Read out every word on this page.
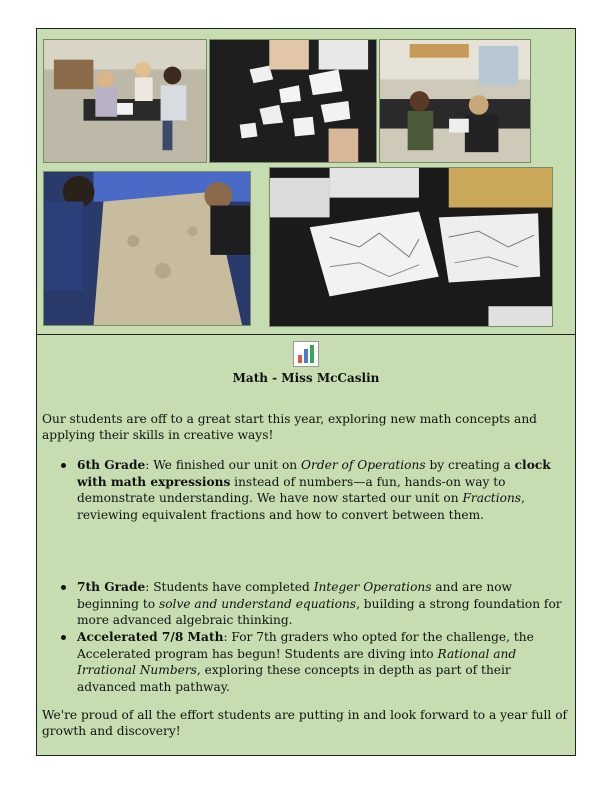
Math - Miss McCaslin
Our students are off to a great start this year, exploring new math concepts and applying their skills in creative ways!
6th Grade: We finished our unit on Order of Operations by creating a clock with math expressions instead of numbers—a fun, hands-on way to demonstrate understanding. We have now started our unit on Fractions, reviewing equivalent fractions and how to convert between them.
7th Grade: Students have completed Integer Operations and are now beginning to solve and understand equations, building a strong foundation for more advanced algebraic thinking.
Accelerated 7/8 Math: For 7th graders who opted for the challenge, the Accelerated program has begun! Students are diving into Rational and Irrational Numbers, exploring these concepts in depth as part of their advanced math pathway.
We're proud of all the effort students are putting in and look forward to a year full of growth and discovery!
